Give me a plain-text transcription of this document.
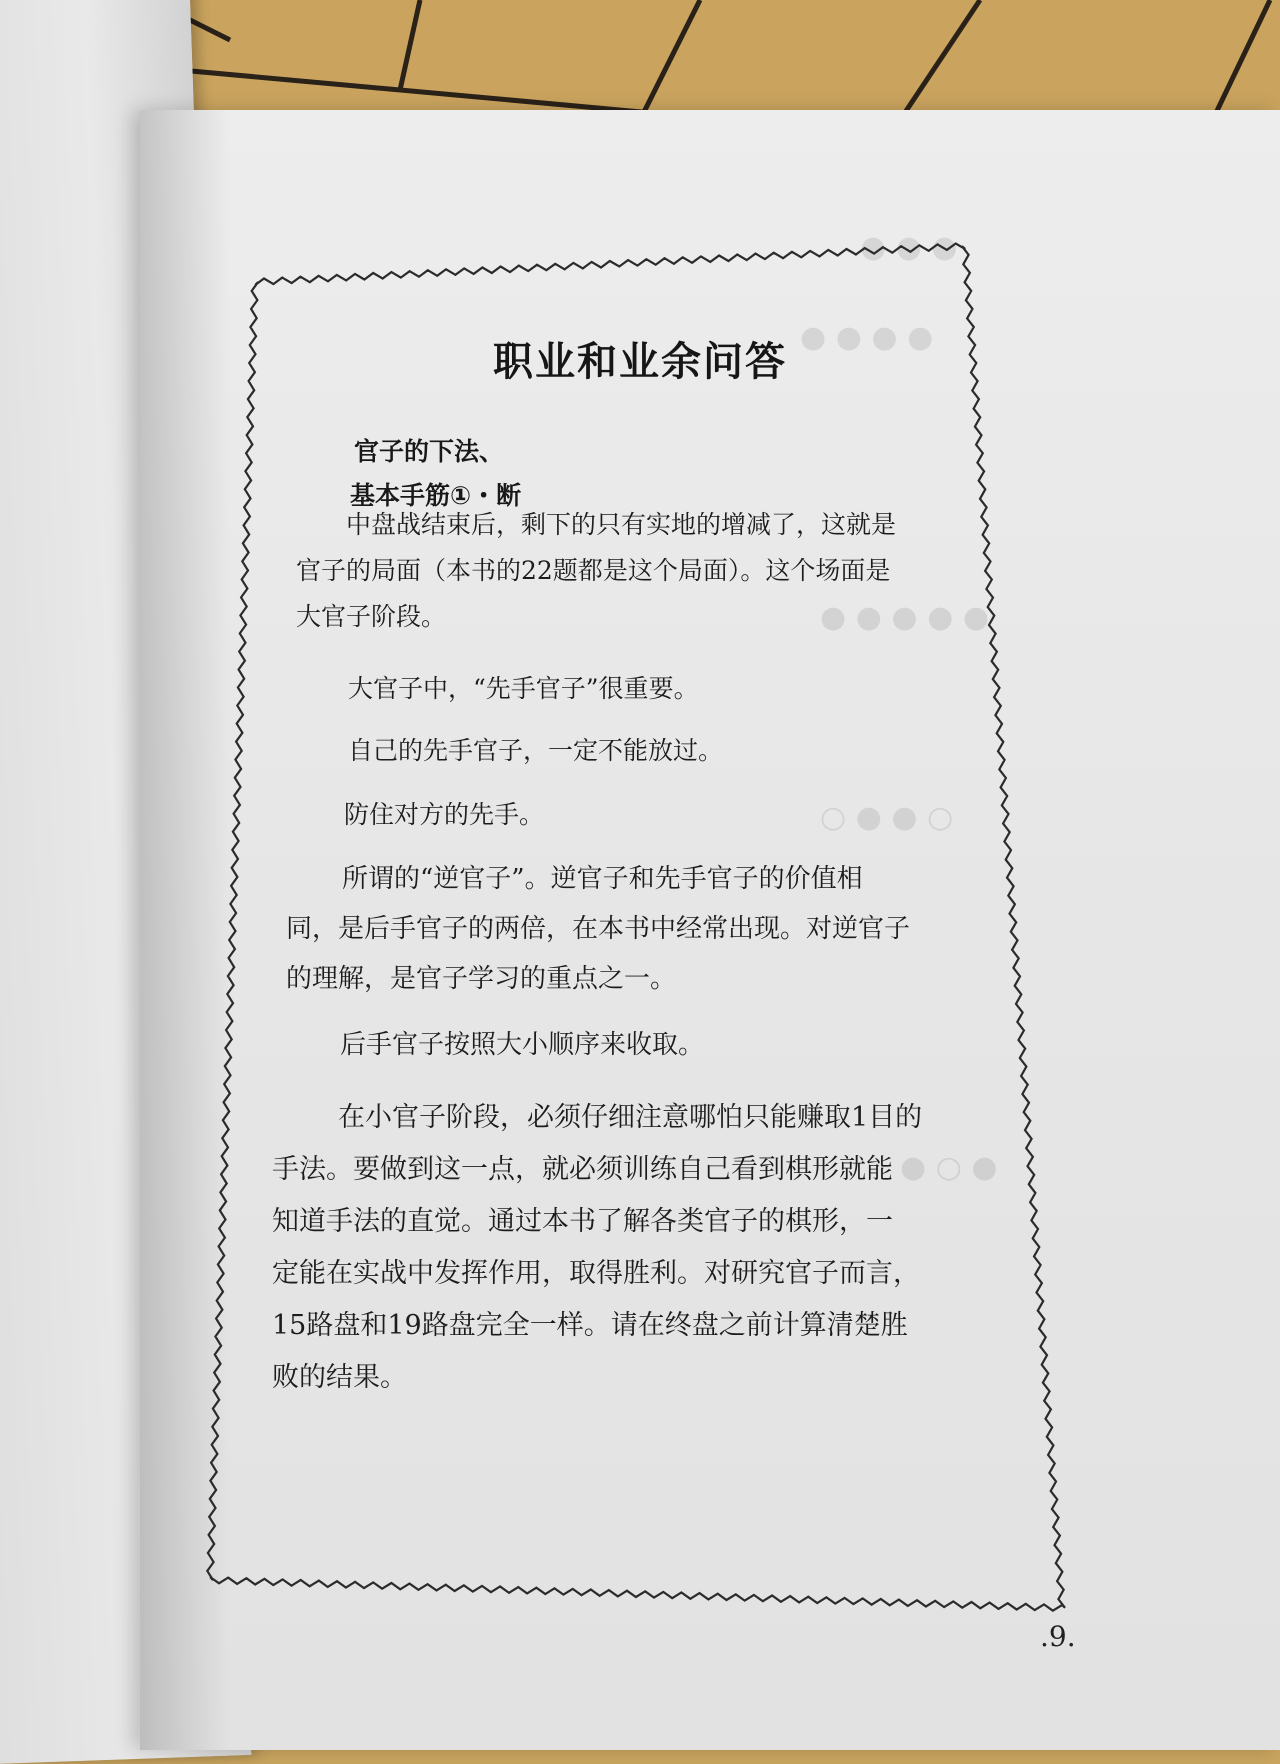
● ● ●
● ● ● ●
● ● ● ● ●
○ ● ● ○
● ○ ●
职业和业余问答
官子的下法、
基本手筋①・断
中盘战结束后，剩下的只有实地的增减了，这就是
官子的局面（本书的22题都是这个局面）。这个场面是
大官子阶段。
大官子中，“先手官子”很重要。
自己的先手官子，一定不能放过。
防住对方的先手。
所谓的“逆官子”。逆官子和先手官子的价值相
同，是后手官子的两倍，在本书中经常出现。对逆官子
的理解，是官子学习的重点之一。
后手官子按照大小顺序来收取。
在小官子阶段，必须仔细注意哪怕只能赚取1目的
手法。要做到这一点，就必须训练自己看到棋形就能
知道手法的直觉。通过本书了解各类官子的棋形，一
定能在实战中发挥作用，取得胜利。对研究官子而言，
15路盘和19路盘完全一样。请在终盘之前计算清楚胜
败的结果。
.9.
